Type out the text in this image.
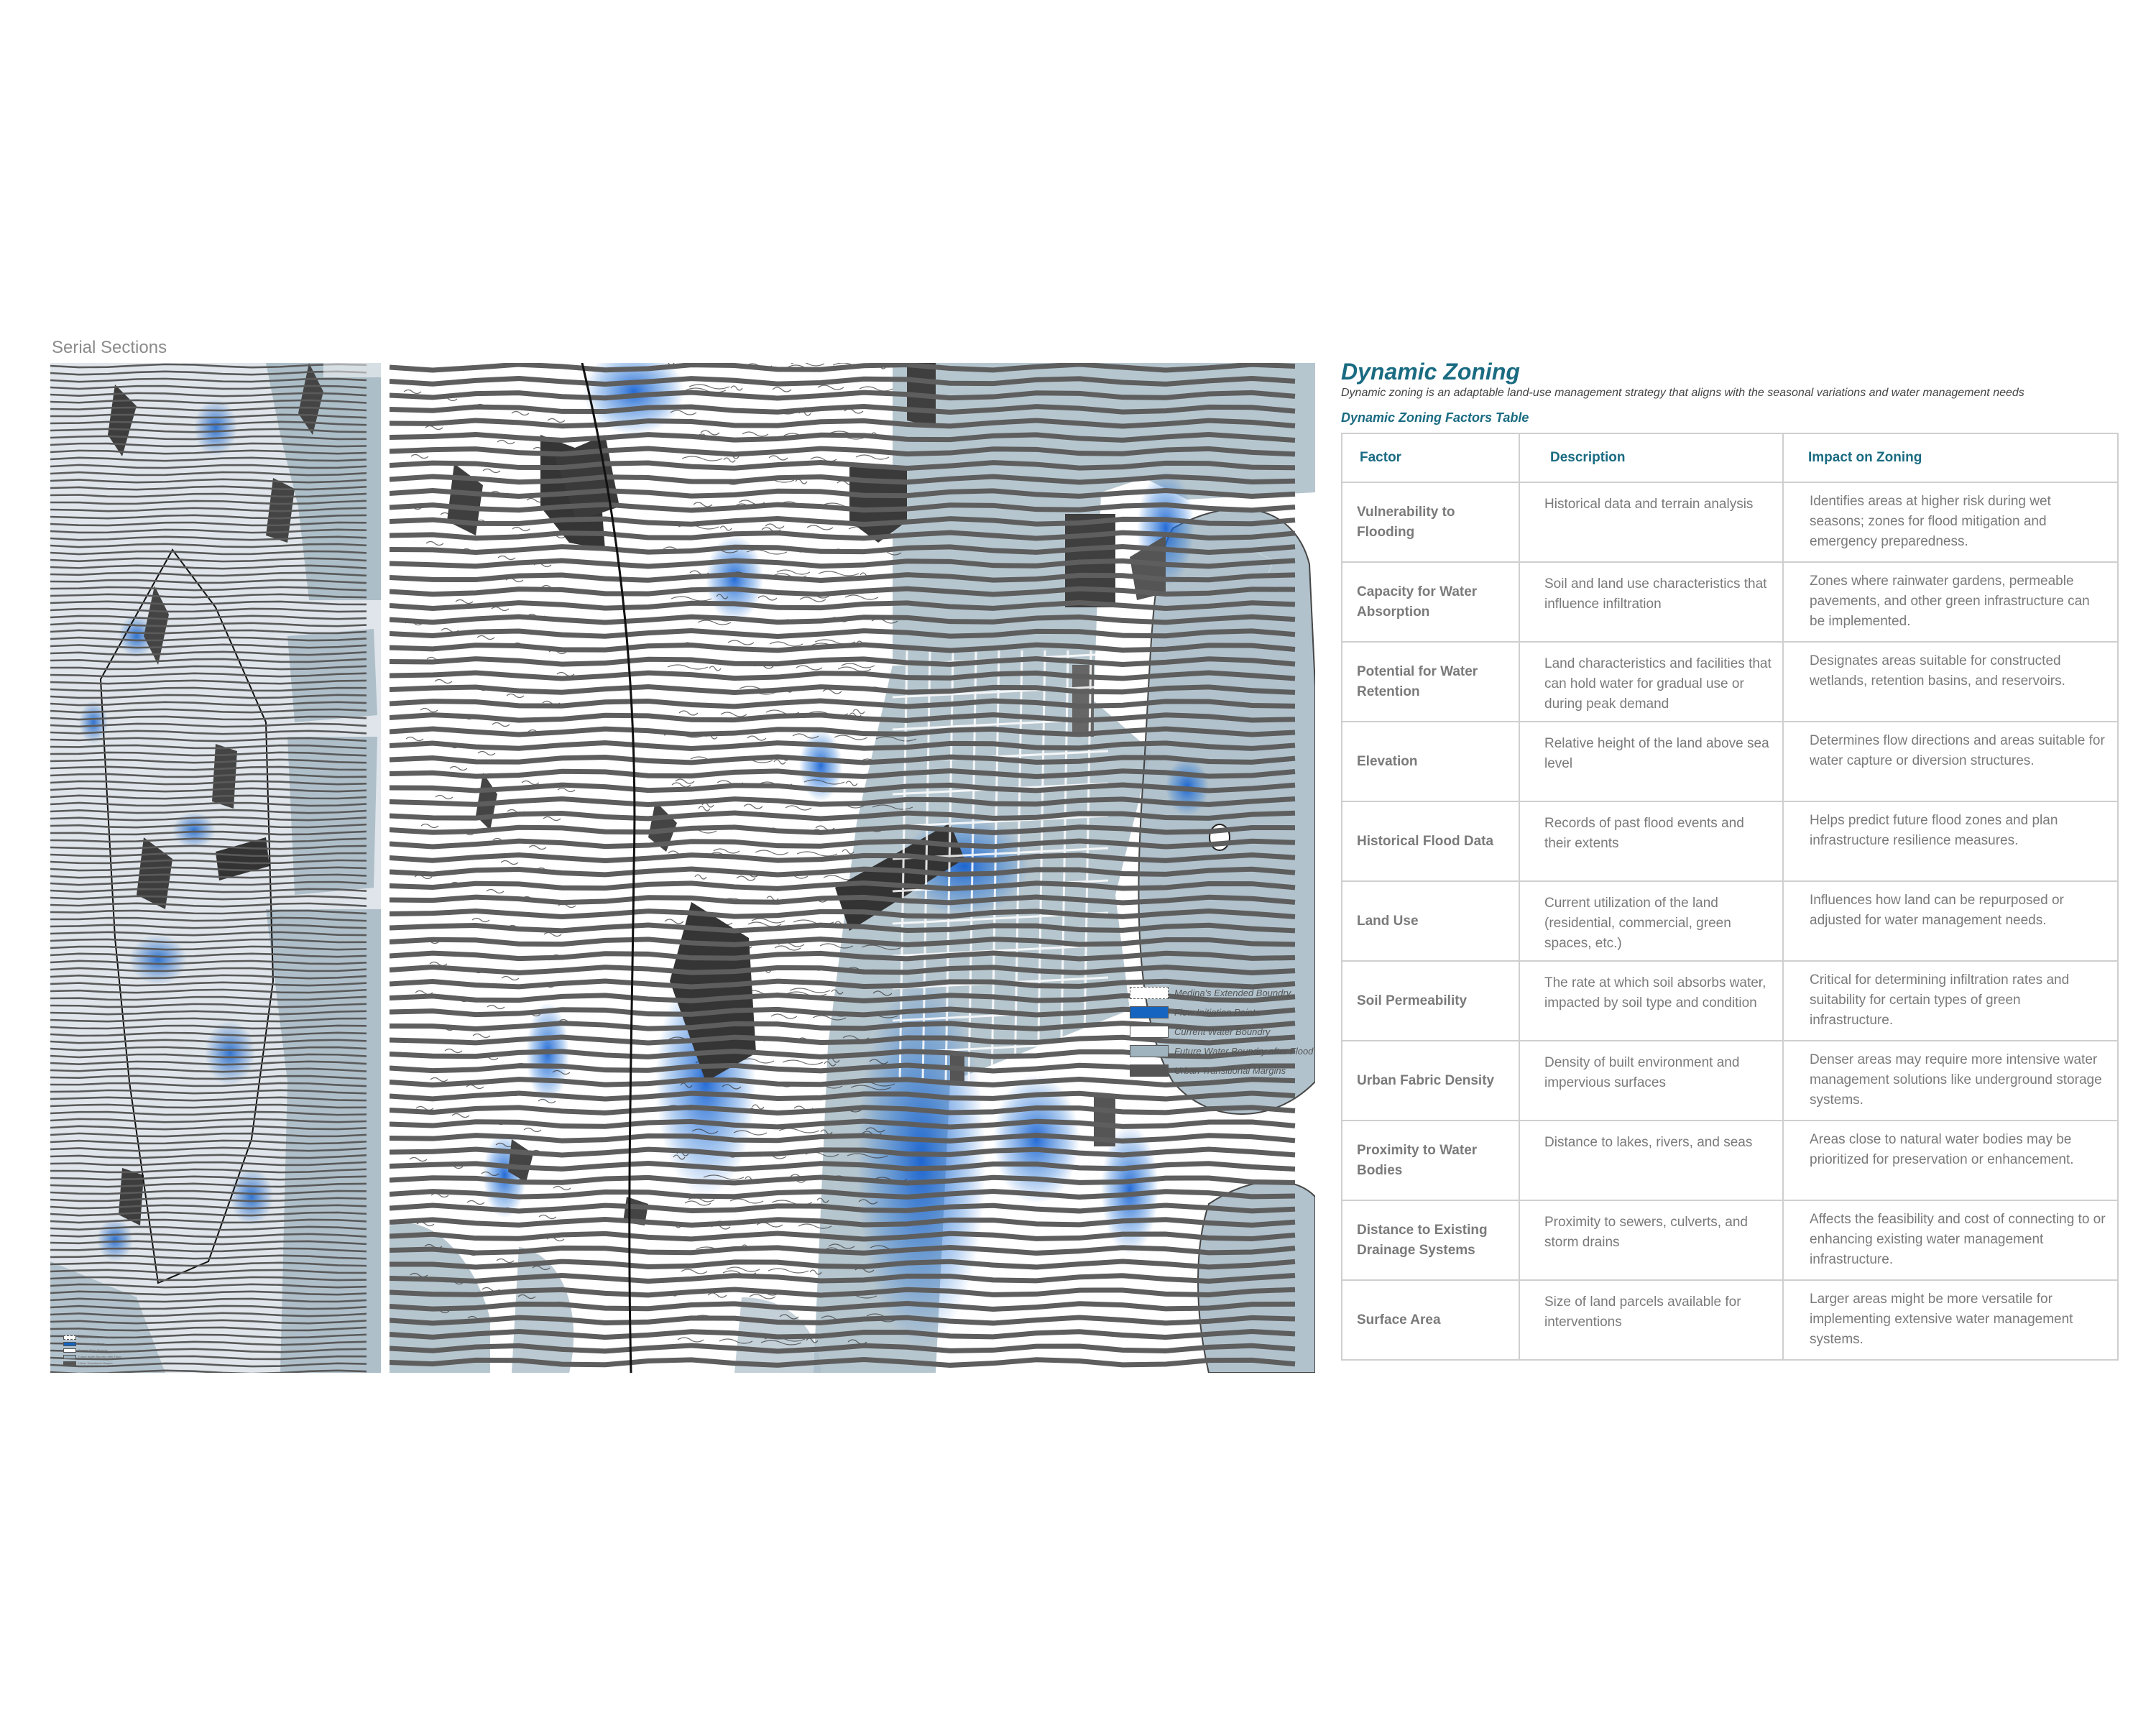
Serial Sections
Medina's Extended Boundry
Flow Initiation Points
Current Water Boundry
Future Water Boundry after Flood
Urban Transitional Margins
Medina's Extended Boundry
Flow Initiation Points
Current Water Boundry
Future Water Boundry after Flood
Urban Transitional Margins
Dynamic Zoning
Dynamic zoning is an adaptable land-use management strategy that aligns with the seasonal variations and water management needs
Dynamic Zoning Factors Table
Factor	Description	Impact on Zoning
Vulnerability to Flooding	Historical data and terrain analysis	Identifies areas at higher risk during wet seasons; zones for flood mitigation and emergency preparedness.
Capacity for Water Absorption	Soil and land use characteristics that influence infiltration	Zones where rainwater gardens, permeable pavements, and other green infrastructure can be implemented.
Potential for Water Retention	Land characteristics and facilities that can hold water for gradual use or during peak demand	Designates areas suitable for constructed wetlands, retention basins, and reservoirs.
Elevation	Relative height of the land above sea level	Determines flow directions and areas suitable for water capture or diversion structures.
Historical Flood Data	Records of past flood events and their extents	Helps predict future flood zones and plan infrastructure resilience measures.
Land Use	Current utilization of the land (residential, commercial, green spaces, etc.)	Influences how land can be repurposed or adjusted for water management needs.
Soil Permeability	The rate at which soil absorbs water, impacted by soil type and condition	Critical for determining infiltration rates and suitability for certain types of green infrastructure.
Urban Fabric Density	Density of built environment and impervious surfaces	Denser areas may require more intensive water management solutions like underground storage systems.
Proximity to Water Bodies	Distance to lakes, rivers, and seas	Areas close to natural water bodies may be prioritized for preservation or enhancement.
Distance to Existing Drainage Systems	Proximity to sewers, culverts, and storm drains	Affects the feasibility and cost of connecting to or enhancing existing water management infrastructure.
Surface Area	Size of land parcels available for interventions	Larger areas might be more versatile for implementing extensive water management systems.
